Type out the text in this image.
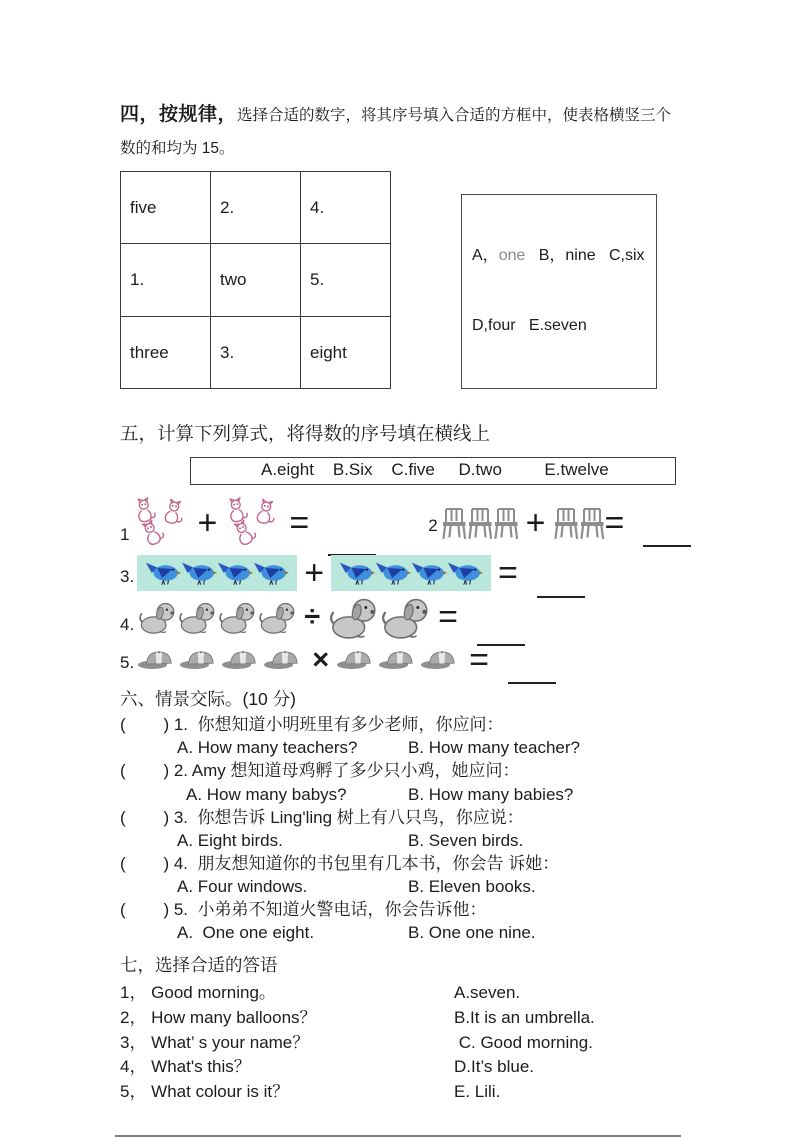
四，按规律，选择合适的数字，将其序号填入合适的方框中，使表格横竖三个

数的和均为 15。

five	2.	4.
1.	two	5.
three	3.	eight

A，one   B，nine   C,six

D,four   E.seven

五，计算下列算式，将得数的序号填在横线上

A.eight    B.Six    C.five     D.two         E.twelve
1 + =	2	+ =
3.	+	=
4.	÷	=
5.	×	=

六、情景交际。(10 分)

(        ) 1.  你想知道小明班里有多少老师，你应问：
A. How many teachers?	B. How many teacher?
(        ) 2. Amy 想知道母鸡孵了多少只小鸡，她应问：
A. How many babys?	B. How many babies?
(        ) 3.  你想告诉 Ling'ling 树上有八只鸟，你应说：
A. Eight birds.	B. Seven birds.
(        ) 4.  朋友想知道你的书包里有几本书，你会告 诉她：
A. Four windows.	B. Eleven books.
(        ) 5.  小弟弟不知道火警电话，你会告诉他：
A.  One one eight.	B. One one nine.

七，选择合适的答语

1， Good morning。	A.seven.
2， How many balloons？	B.It is an umbrella.
3， What’ s your name？	C. Good morning.
4， What's this？	D.It’s blue.
5， What colour is it？	E. Lili.
